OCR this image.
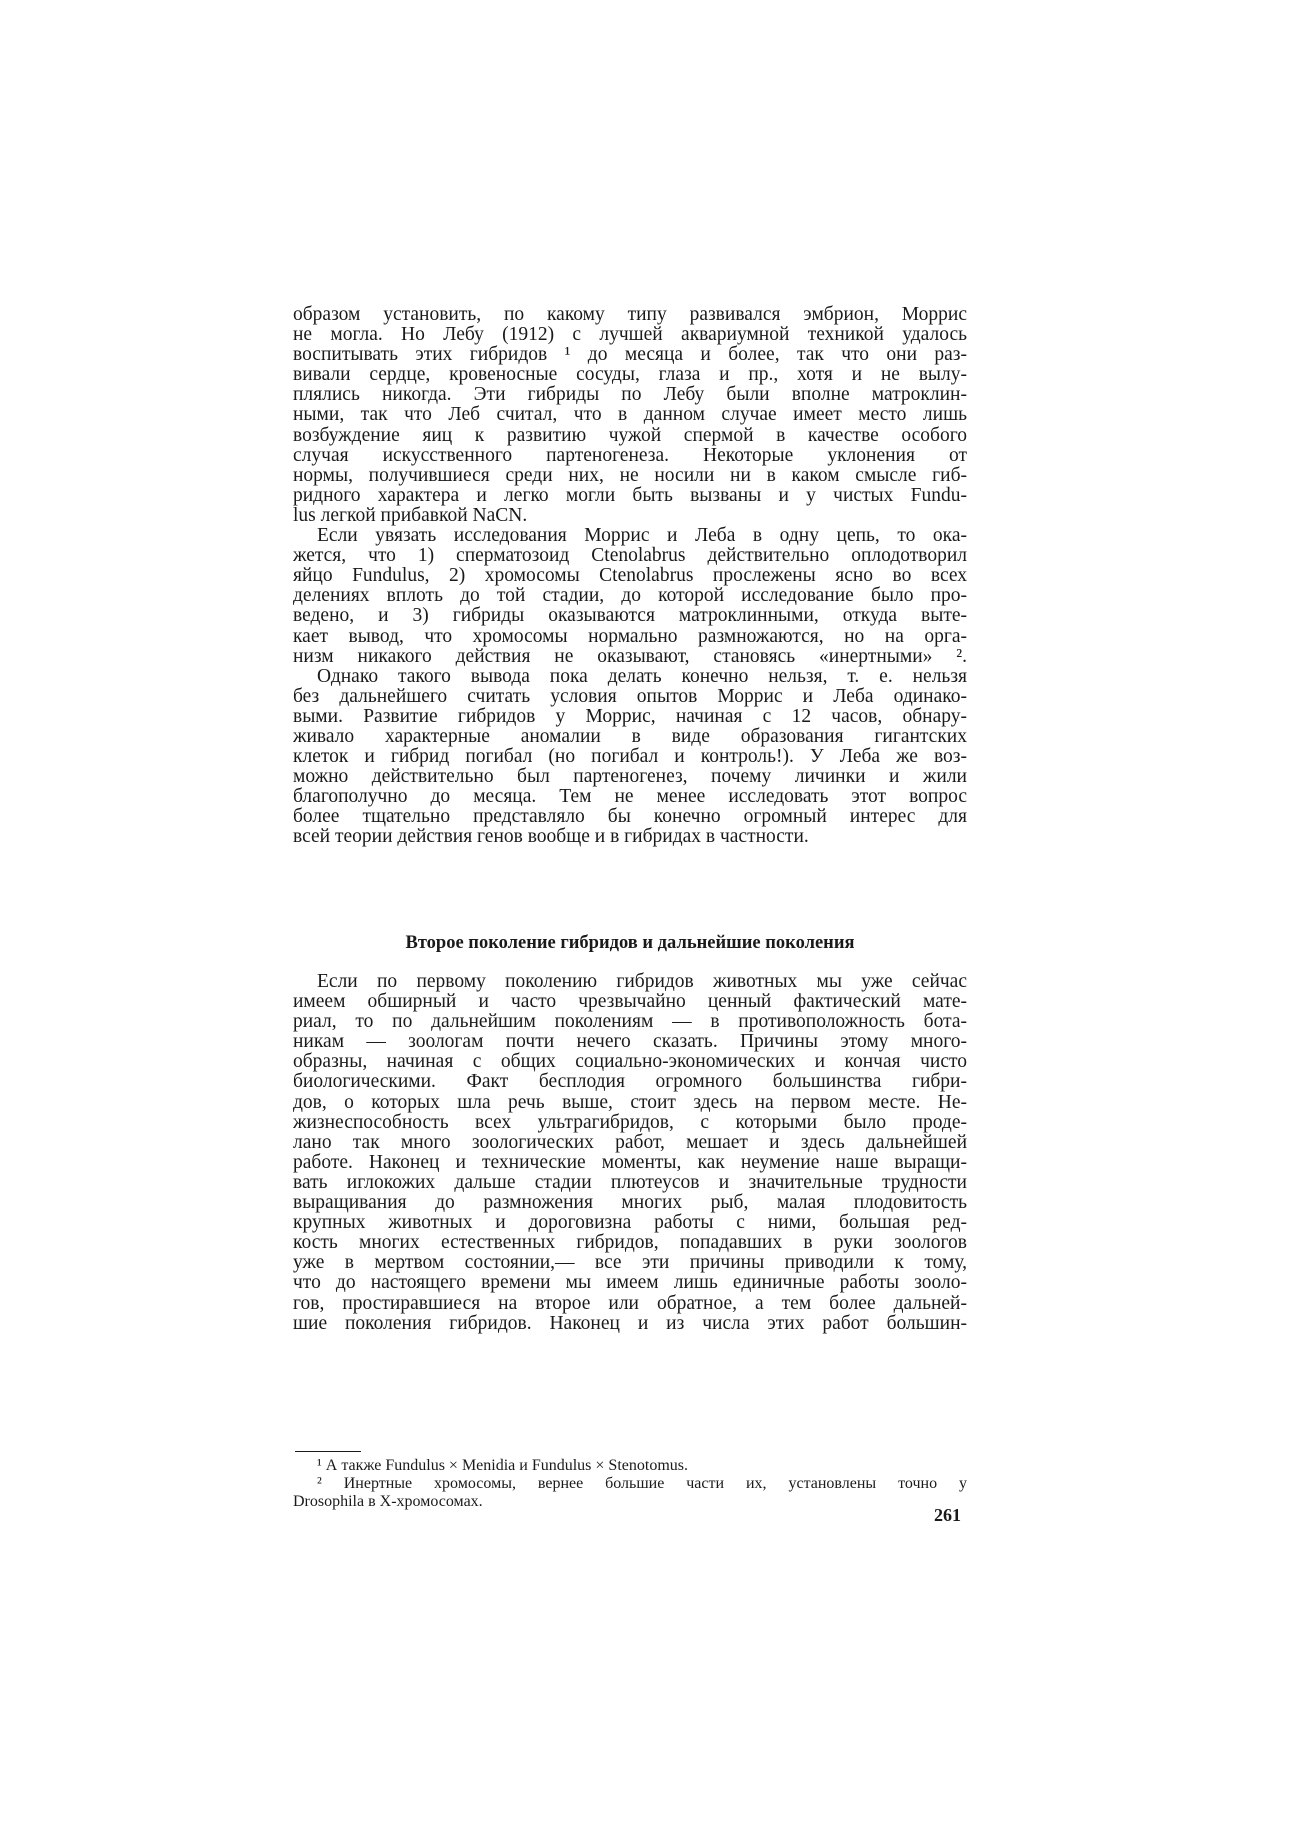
образом установить, по какому типу развивался эмбрион, Моррис
не могла. Но Лебу (1912) с лучшей аквариумной техникой удалось
воспитывать этих гибридов ¹ до месяца и более, так что они раз-
вивали сердце, кровеносные сосуды, глаза и пр., хотя и не вылу-
плялись никогда. Эти гибриды по Лебу были вполне матроклин-
ными, так что Леб считал, что в данном случае имеет место лишь
возбуждение яиц к развитию чужой спермой в качестве особого
случая искусственного партеногенеза. Некоторые уклонения от
нормы, получившиеся среди них, не носили ни в каком смысле гиб-
ридного характера и легко могли быть вызваны и у чистых Fundu-
lus легкой прибавкой NaCN.
Если увязать исследования Моррис и Леба в одну цепь, то ока-
жется, что 1) сперматозоид Ctenolabrus действительно оплодотворил
яйцо Fundulus, 2) хромосомы Ctenolabrus прослежены ясно во всех
делениях вплоть до той стадии, до которой исследование было про-
ведено, и 3) гибриды оказываются матроклинными, откуда выте-
кает вывод, что хромосомы нормально размножаются, но на орга-
низм никакого действия не оказывают, становясь «инертными» ².
Однако такого вывода пока делать конечно нельзя, т. е. нельзя
без дальнейшего считать условия опытов Моррис и Леба одинако-
выми. Развитие гибридов у Моррис, начиная с 12 часов, обнару-
живало характерные аномалии в виде образования гигантских
клеток и гибрид погибал (но погибал и контроль!). У Леба же воз-
можно действительно был партеногенез, почему личинки и жили
благополучно до месяца. Тем не менее исследовать этот вопрос
более тщательно представляло бы конечно огромный интерес для
всей теории действия генов вообще и в гибридах в частности.
Второе поколение гибридов и дальнейшие поколения
Если по первому поколению гибридов животных мы уже сейчас
имеем обширный и часто чрезвычайно ценный фактический мате-
риал, то по дальнейшим поколениям — в противоположность бота-
никам — зоологам почти нечего сказать. Причины этому много-
образны, начиная с общих социально-экономических и кончая чисто
биологическими. Факт бесплодия огромного большинства гибри-
дов, о которых шла речь выше, стоит здесь на первом месте. Не-
жизнеспособность всех ультрагибридов, с которыми было проде-
лано так много зоологических работ, мешает и здесь дальнейшей
работе. Наконец и технические моменты, как неумение наше выращи-
вать иглокожих дальше стадии плютеусов и значительные трудности
выращивания до размножения многих рыб, малая плодовитость
крупных животных и дороговизна работы с ними, большая ред-
кость многих естественных гибридов, попадавших в руки зоологов
уже в мертвом состоянии,— все эти причины приводили к тому,
что до настоящего времени мы имеем лишь единичные работы зооло-
гов, простиравшиеся на второе или обратное, а тем более дальней-
шие поколения гибридов. Наконец и из числа этих работ большин-
¹ А также Fundulus × Menidia и Fundulus × Stenotomus.
² Инертные хромосомы, вернее большие части их, установлены точно у
Drosophila в X-хромосомах.
261
